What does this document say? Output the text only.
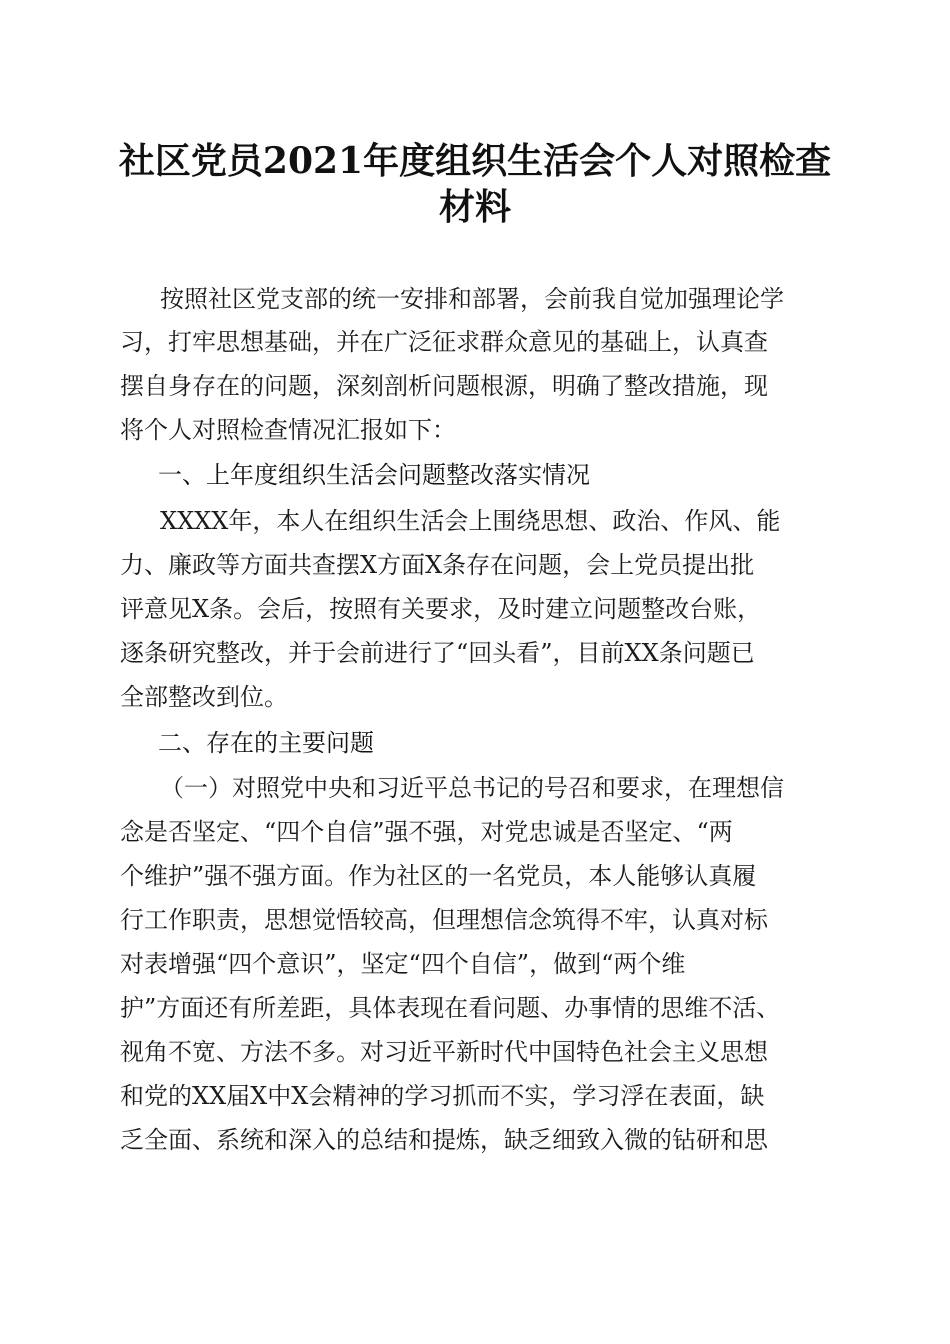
社区党员2021年度组织生活会个人对照检查
材料
按照社区党支部的统一安排和部署，会前我自觉加强理论学
习，打牢思想基础，并在广泛征求群众意见的基础上，认真查
摆自身存在的问题，深刻剖析问题根源，明确了整改措施，现
将个人对照检查情况汇报如下：
一、上年度组织生活会问题整改落实情况
XXXX年，本人在组织生活会上围绕思想、政治、作风、能
力、廉政等方面共查摆X方面X条存在问题，会上党员提出批
评意见X条。会后，按照有关要求，及时建立问题整改台账，
逐条研究整改，并于会前进行了“回头看”，目前XX条问题已
全部整改到位。
二、存在的主要问题
（一）对照党中央和习近平总书记的号召和要求，在理想信
念是否坚定、“四个自信”强不强，对党忠诚是否坚定、“两
个维护”强不强方面。作为社区的一名党员，本人能够认真履
行工作职责，思想觉悟较高，但理想信念筑得不牢，认真对标
对表增强“四个意识”，坚定“四个自信”，做到“两个维
护”方面还有所差距，具体表现在看问题、办事情的思维不活、
视角不宽、方法不多。对习近平新时代中国特色社会主义思想
和党的XX届X中X会精神的学习抓而不实，学习浮在表面，缺
乏全面、系统和深入的总结和提炼，缺乏细致入微的钻研和思
